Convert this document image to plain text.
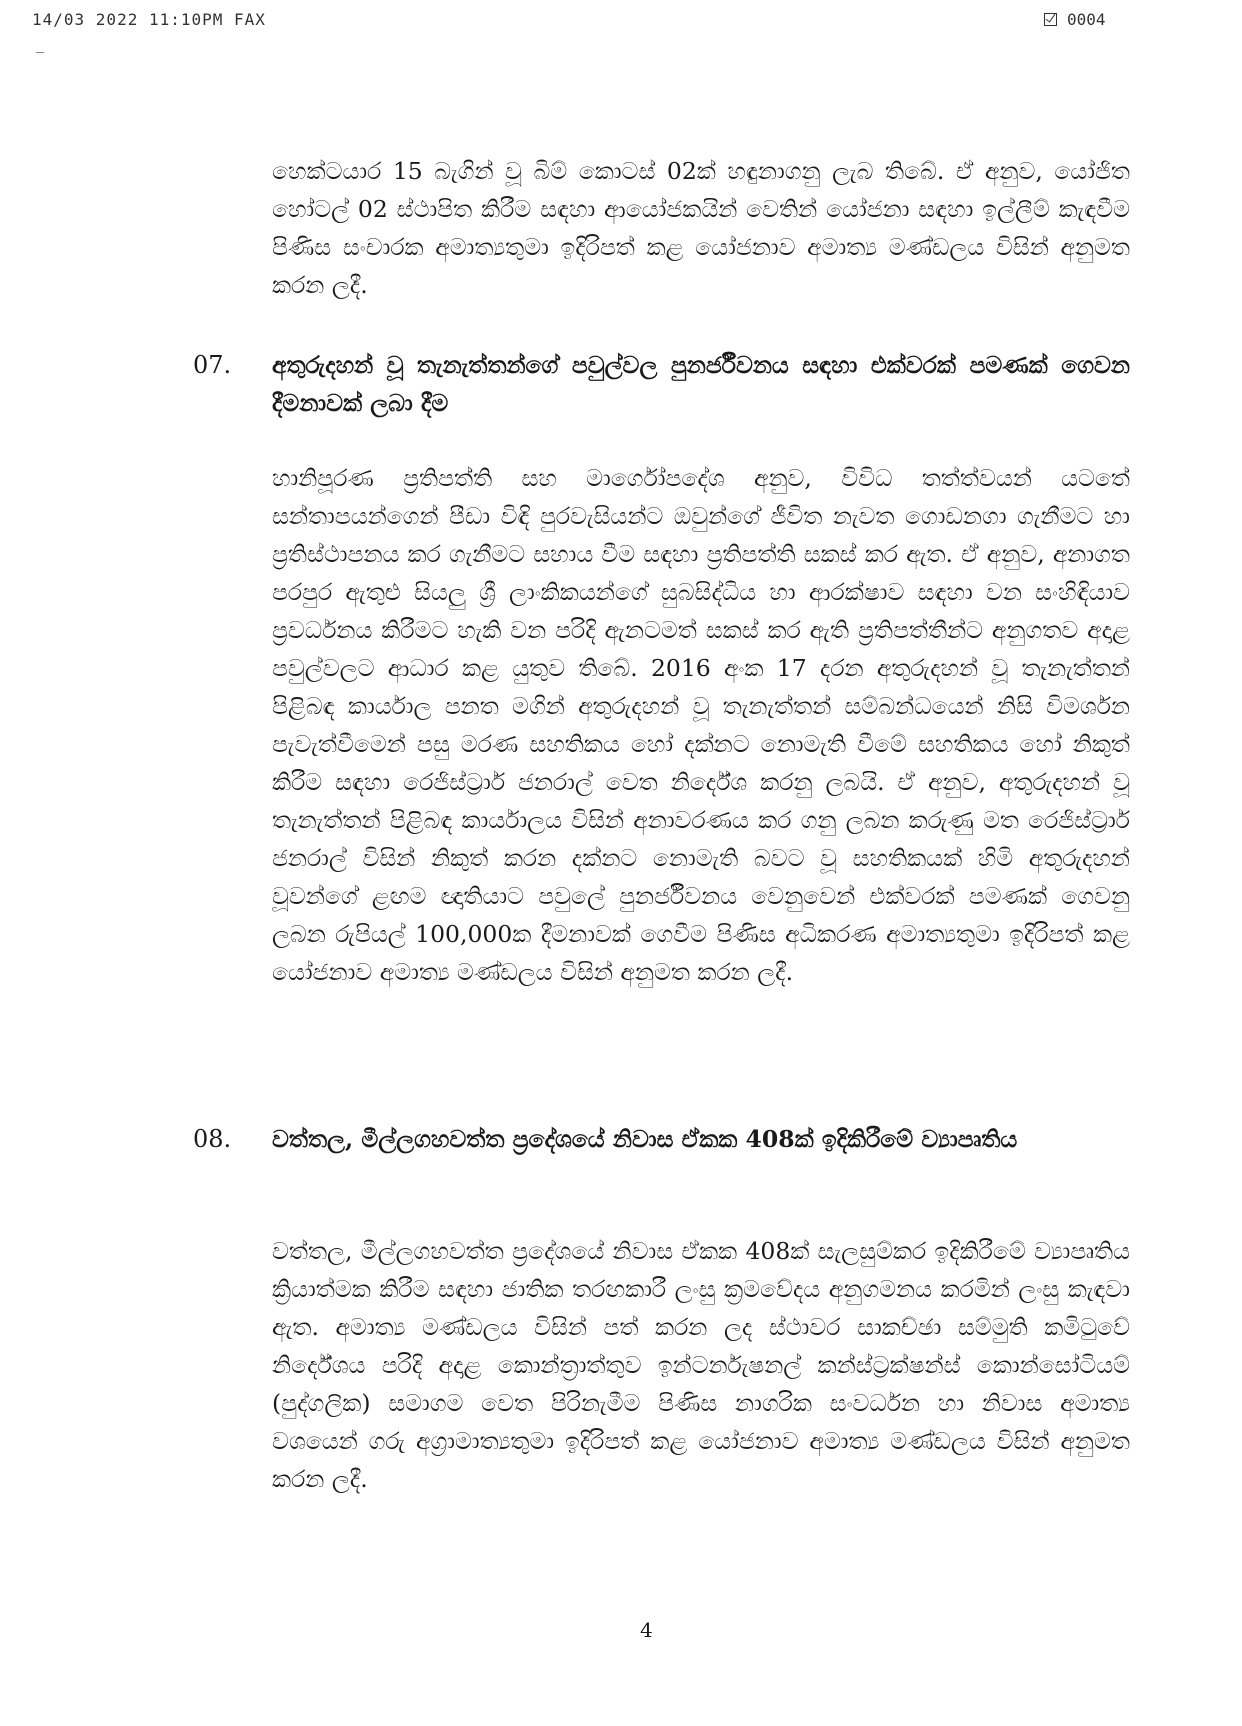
14/03 2022 11:10PM FAX	0004

හෙක්ටයාර 15 බැගින් වූ බිම් කොටස් 02ක් හඳුනාගනු ලැබ තිබේ. ඒ අනුව, යෝජිත හෝටල් 02 ස්ථාපිත කිරීම සඳහා ආයෝජකයින් වෙතින් යෝජනා සඳහා ඉල්ලීම් කැඳවීම පිණිස සංචාරක අමාත්‍යතුමා ඉදිරිපත් කළ යෝජනාව අමාත්‍ය මණ්ඩලය විසින් අනුමත කරන ලදී.

07. අතුරුදහන් වූ තැනැත්තන්ගේ පවුල්වල පුනර්ජීවනය සඳහා එක්වරක් පමණක් ගෙවන දීමනාවක් ලබා දීම

හානිපූරණ ප්‍රතිපත්ති සහ මාර්ගෝපදේශ අනුව, විවිධ තත්ත්වයන් යටතේ සන්තාපයන්ගෙන් පීඩා විඳි පුරවැසියන්ට ඔවුන්ගේ ජීවිත නැවත ගොඩනගා ගැනීමට හා ප්‍රතිස්ථාපනය කර ගැනීමට සහාය වීම සඳහා ප්‍රතිපත්ති සකස් කර ඇත. ඒ අනුව, අනාගත පරපුර ඇතුළු සියලු ශ්‍රී ලාංකිකයන්ගේ සුබසිද්ධිය හා ආරක්ෂාව සඳහා වන සංහිඳියාව ප්‍රවර්ධනය කිරීමට හැකි වන පරිදි ඇනටමත් සකස් කර ඇති ප්‍රතිපත්තීන්ට අනුගතව අදාළ පවුල්වලට ආධාර කළ යුතුව තිබේ. 2016 අංක 17 දරන අතුරුදහන් වූ තැනැත්තන් පිළිබඳ කාර්යාල පනත මගින් අතුරුදහන් වූ තැනැත්තන් සම්බන්ධයෙන් නිසි විමර්ශන පැවැත්වීමෙන් පසු මරණ සහතිකය හෝ දක්නට නොමැති වීමේ සහතිකය හෝ නිකුත් කිරීම සඳහා රෙජිස්ට්‍රාර් ජනරාල් වෙත නිර්දේශ කරනු ලබයි. ඒ අනුව, අතුරුදහන් වූ තැනැත්තන් පිළිබඳ කාර්යාලය විසින් අනාවරණය කර ගනු ලබන කරුණු මත රෙජිස්ට්‍රාර් ජනරාල් විසින් නිකුත් කරන දක්නට නොමැති බවට වූ සහතිකයක් හිමි අතුරුදහන් වූවන්ගේ ළඟම ඥාතියාට පවුලේ පුනර්ජීවනය වෙනුවෙන් එක්වරක් පමණක් ගෙවනු ලබන රුපියල් 100,000ක දීමනාවක් ගෙවීම පිණිස අධිකරණ අමාත්‍යතුමා ඉදිරිපත් කළ යෝජනාව අමාත්‍ය මණ්ඩලය විසින් අනුමත කරන ලදී.

08. වත්තල, මීල්ලගහවත්ත ප්‍රදේශයේ නිවාස ඒකක 408ක් ඉදිකිරීමේ ව්‍යාපෘතිය

වත්තල, මීල්ලගහවත්ත ප්‍රදේශයේ නිවාස ඒකක 408ක් සැලසුම්කර ඉදිකිරීමේ ව්‍යාපෘතිය ක්‍රියාත්මක කිරීම සඳහා ජාතික තරඟකාරී ලංසු ක්‍රමවේදය අනුගමනය කරමින් ලංසු කැඳවා ඇත. අමාත්‍ය මණ්ඩලය විසින් පත් කරන ලද ස්ථාවර සාකච්ඡා සම්මුති කමිටුවේ නිර්දේශය පරිදි අදාළ කොන්ත්‍රාත්තුව ඉන්ටර්නැෂනල් කන්ස්ට්‍රක්ෂන්ස් කොන්සෝටියම් (පුද්ගලික) සමාගම වෙත පිරිනැමීම පිණිස නාගරික සංවර්ධන හා නිවාස අමාත්‍ය වශයෙන් ගරු අග්‍රාමාත්‍යතුමා ඉදිරිපත් කළ යෝජනාව අමාත්‍ය මණ්ඩලය විසින් අනුමත කරන ලදී.

4
